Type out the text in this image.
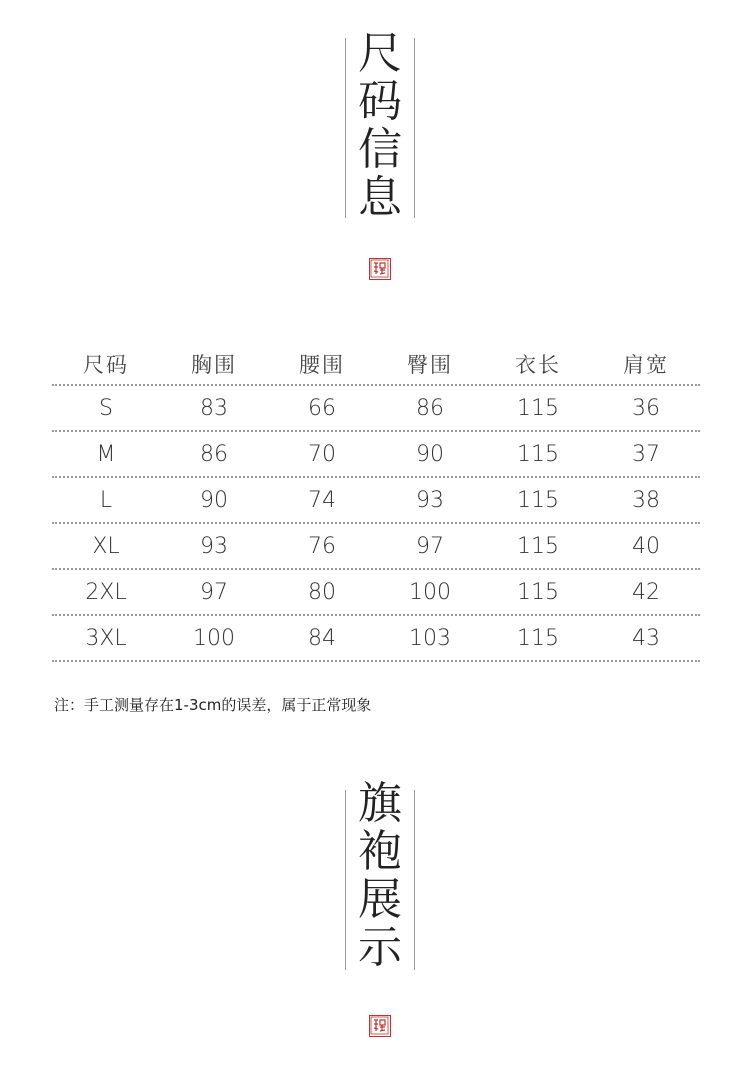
尺
码
信
息
尺码	胸围	腰围	臀围	衣长	肩宽
S	83	66	86	115	36
M	86	70	90	115	37
L	90	74	93	115	38
XL	93	76	97	115	40
2XL	97	80	100	115	42
3XL	100	84	103	115	43
注：手工测量存在1-3cm的误差，属于正常现象
旗
袍
展
示
